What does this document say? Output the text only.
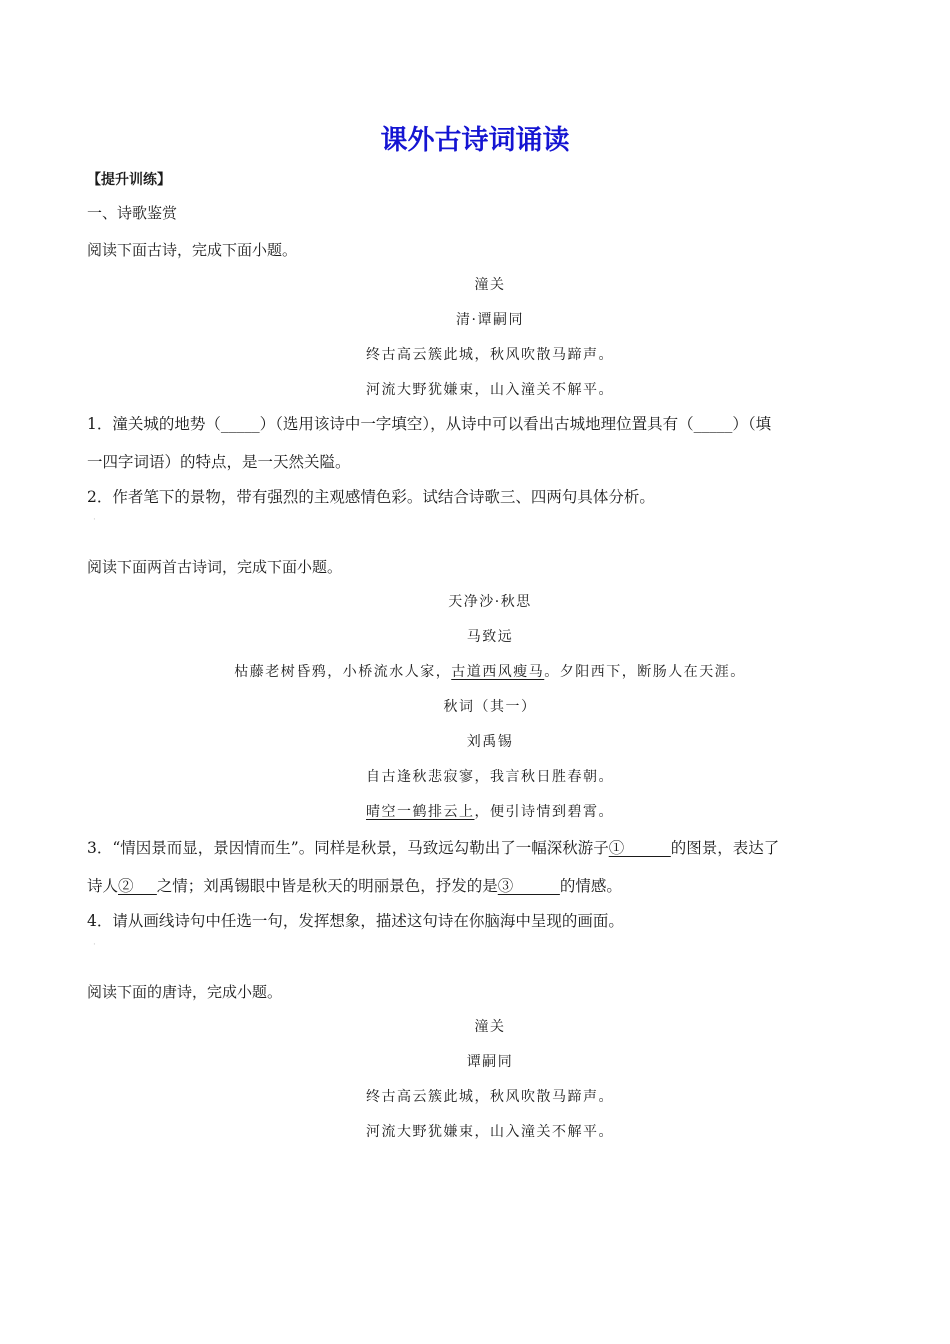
课外古诗词诵读
【提升训练】
一、诗歌鉴赏
阅读下面古诗，完成下面小题。
潼关
清·谭嗣同
终古高云簇此城，秋风吹散马蹄声。
河流大野犹嫌束，山入潼关不解平。
1．潼关城的地势（_____）（选用该诗中一字填空），从诗中可以看出古城地理位置具有（_____）（填
一四字词语）的特点，是一天然关隘。
2．作者笔下的景物，带有强烈的主观感情色彩。试结合诗歌三、四两句具体分析。
·
阅读下面两首古诗词，完成下面小题。
天净沙·秋思
马致远
枯藤老树昏鸦，小桥流水人家，古道西风瘦马。夕阳西下，断肠人在天涯。
秋词（其一）
刘禹锡
自古逢秋悲寂寥，我言秋日胜春朝。
晴空一鹤排云上，便引诗情到碧霄。
3．“情因景而显，景因情而生”。同样是秋景，马致远勾勒出了一幅深秋游子①______的图景，表达了
诗人②___之情；刘禹锡眼中皆是秋天的明丽景色，抒发的是③______的情感。
4．请从画线诗句中任选一句，发挥想象，描述这句诗在你脑海中呈现的画面。
·
阅读下面的唐诗，完成小题。
潼关
谭嗣同
终古高云簇此城，秋风吹散马蹄声。
河流大野犹嫌束，山入潼关不解平。
